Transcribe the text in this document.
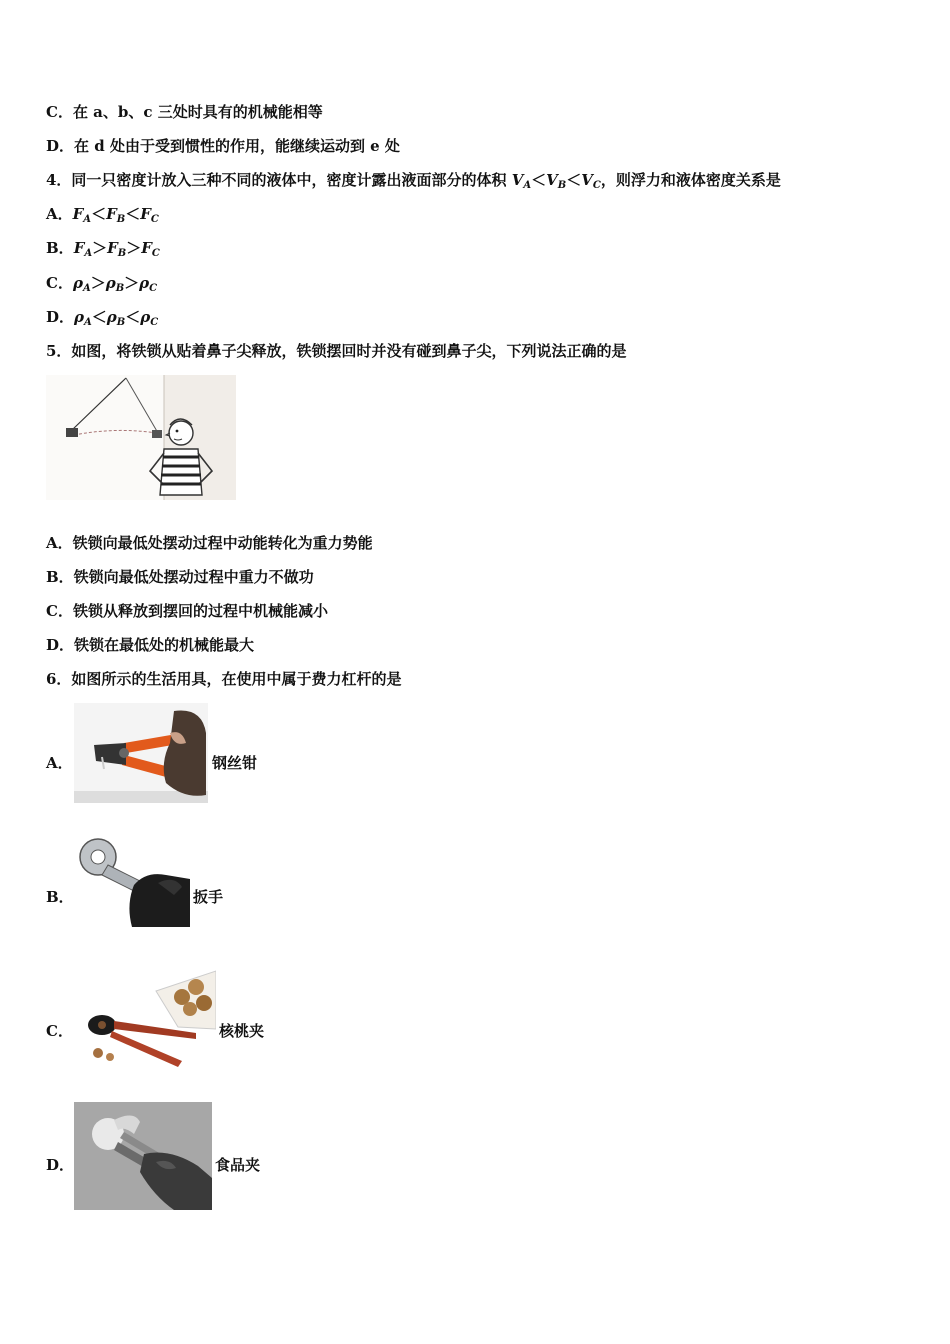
C．在 a、b、c 三处时具有的机械能相等
D．在 d 处由于受到惯性的作用，能继续运动到 e 处
4．同一只密度计放入三种不同的液体中，密度计露出液面部分的体积 $V_A<V_B<V_C$，则浮力和液体密度关系是
A．$F_A<F_B<F_C$
B．$F_A>F_B>F_C$
C．$\rho_A>\rho_B>\rho_C$
D．$\rho_A<\rho_B<\rho_C$
5．如图，将铁锁从贴着鼻子尖释放，铁锁摆回时并没有碰到鼻子尖，下列说法正确的是
A．铁锁向最低处摆动过程中动能转化为重力势能
B．铁锁向最低处摆动过程中重力不做功
C．铁锁从释放到摆回的过程中机械能减小
D．铁锁在最低处的机械能最大
6．如图所示的生活用具，在使用中属于费力杠杆的是
A．	钢丝钳
B．	扳手
C．	核桃夹
D．	食品夹
